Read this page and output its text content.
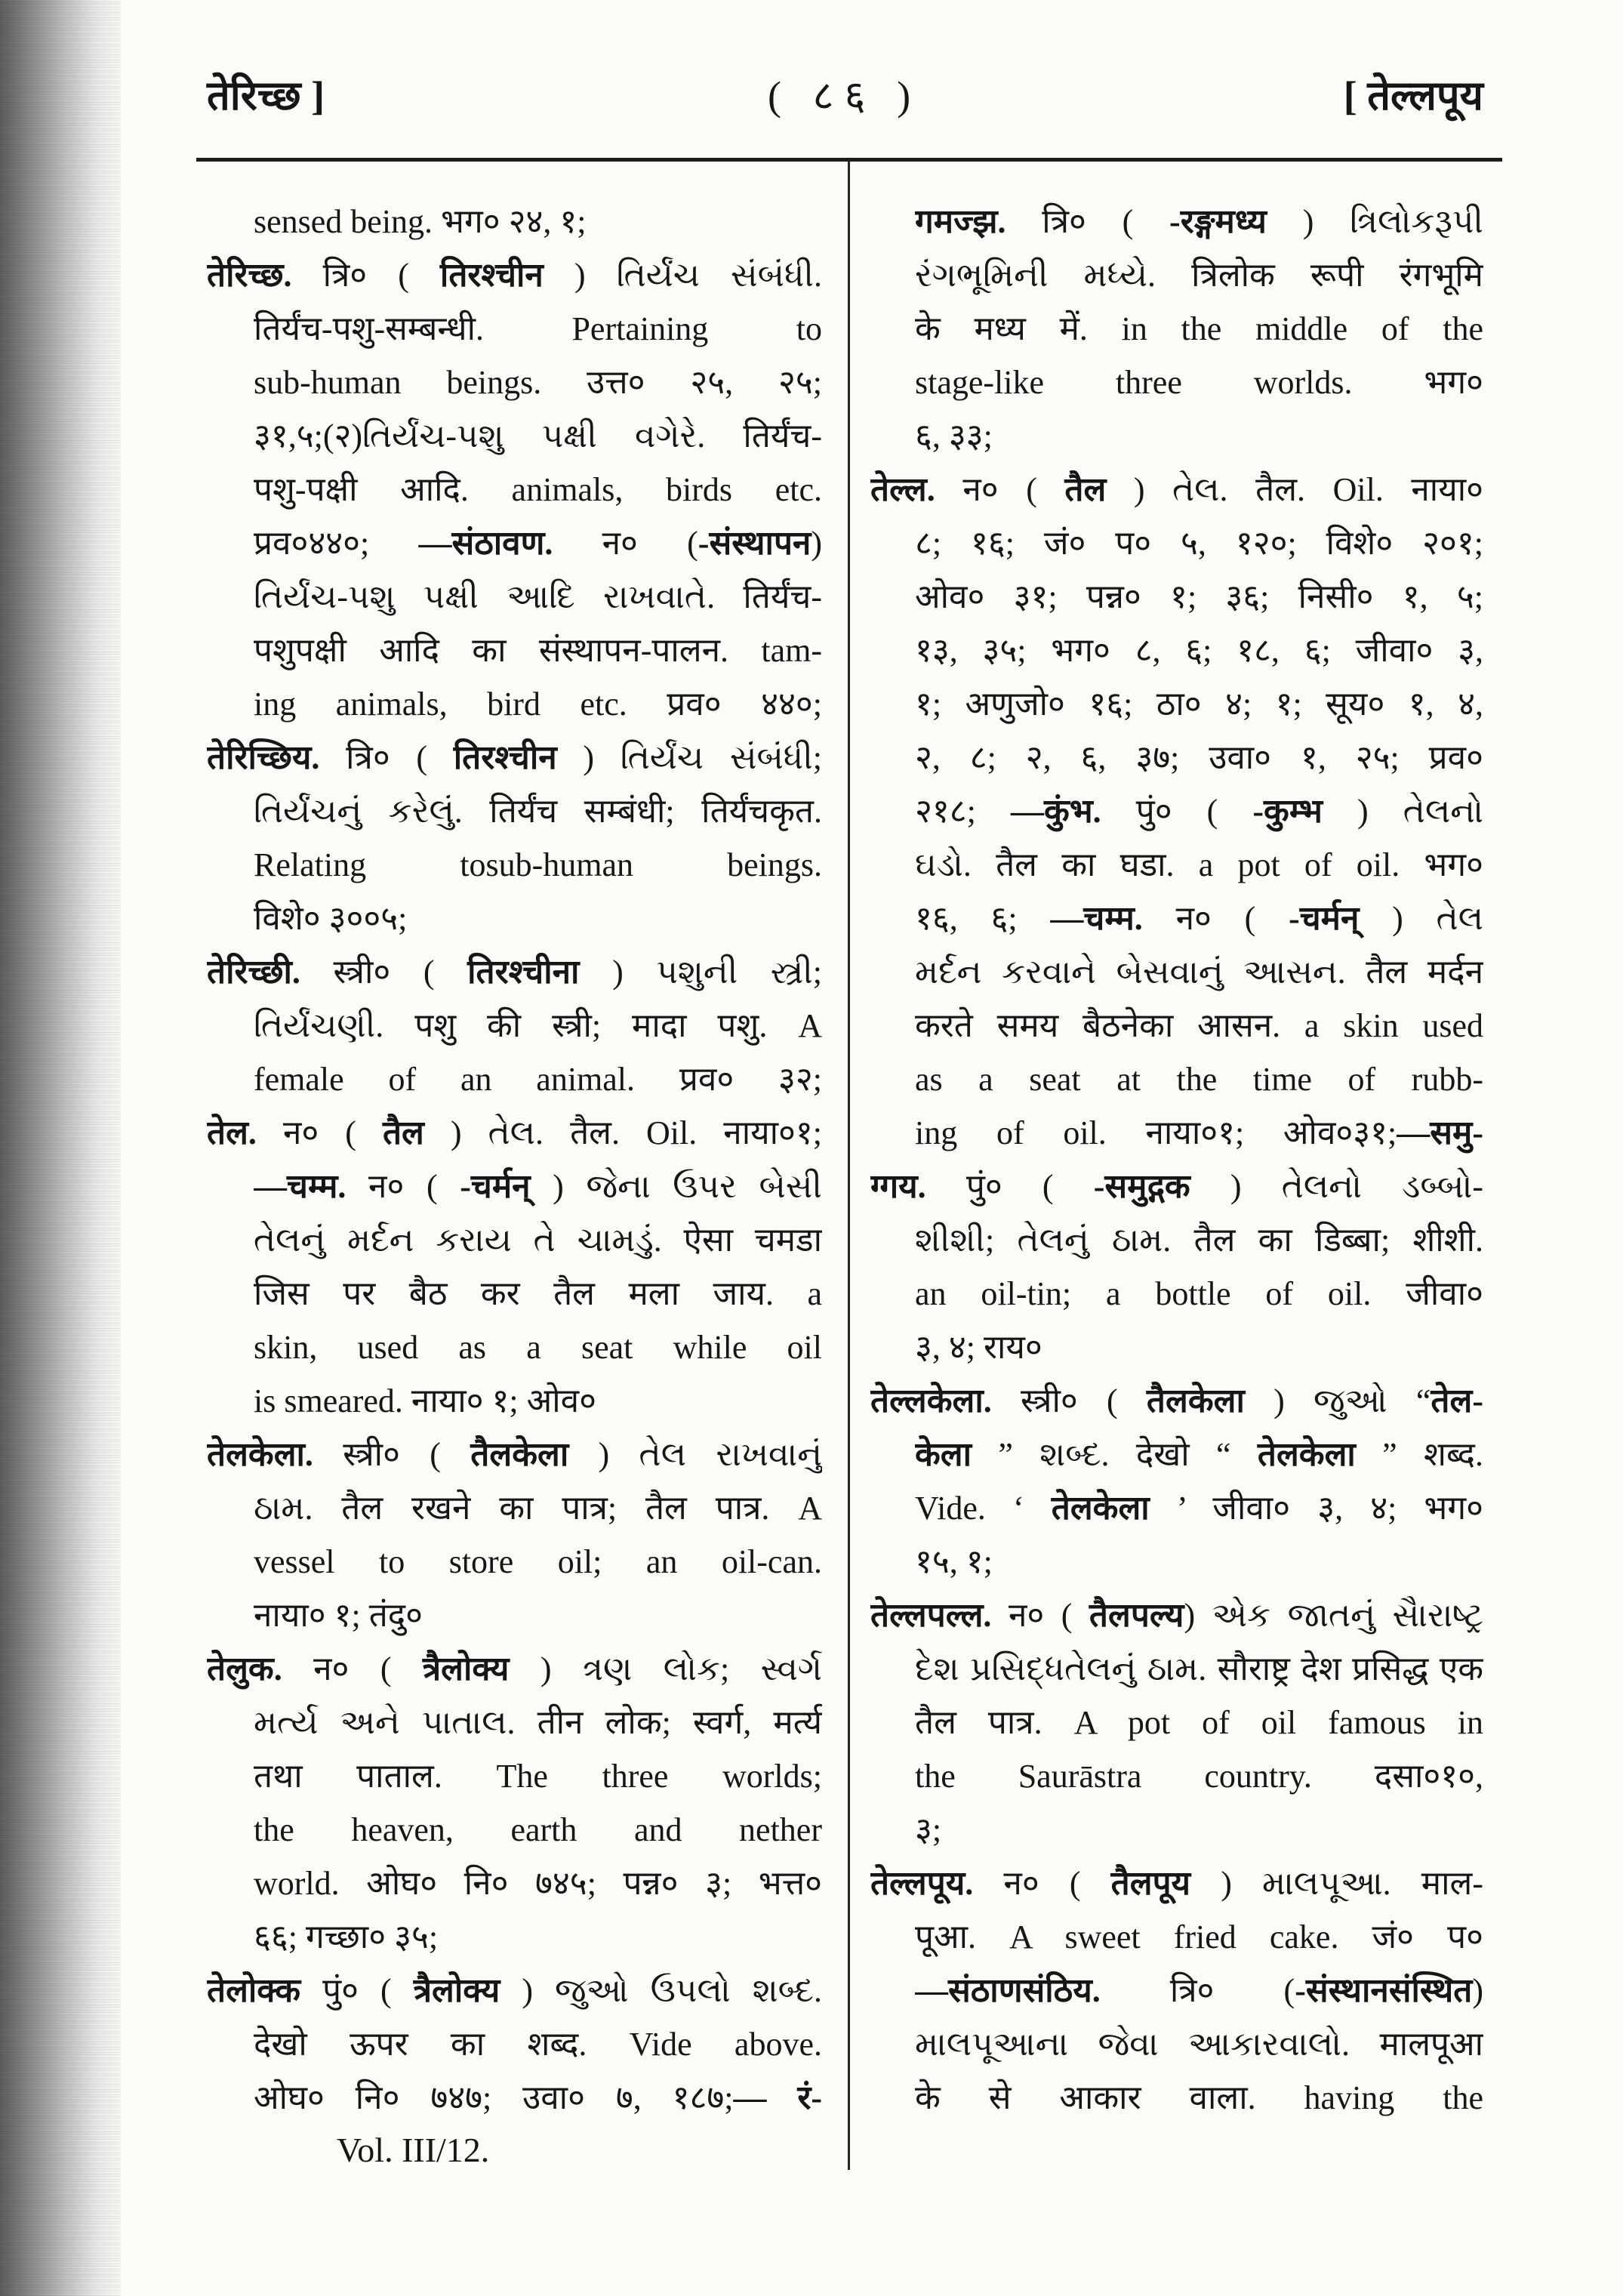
तेरिच्छ ]	( ८६ )	[ तेल्लपूय
sensed being. भग० २४, १;
तेरिच्छ. त्रि० ( तिरश्चीन ) તિર્યંચ સંબંધી.
तिर्यंच-पशु-सम्बन्धी. Pertaining to
sub-human beings. उत्त० २५, २५;
३१,५;(२)તિર્યંચ-પશુ પક્ષી વગેરે. तिर्यंच-
पशु-पक्षी आदि. animals, birds etc.
प्रव०४४०; —संठावण. न० (-संस्थापन)
તિર્યંચ-પશુ પક્ષી આદિ રાખવાતે. तिर्यंच-
पशुपक्षी आदि का संस्थापन-पालन. tam-
ing animals, bird etc. प्रव० ४४०;
तेरिच्छिय. त्रि० ( तिरश्चीन ) તિર્યંચ સંબંધી;
તિર્યંચનું કરેલું. तिर्यंच सम्बंधी; तिर्यंचकृत.
Relating tosub-human beings.
विशे० ३००५;
तेरिच्छी. स्त्री० ( तिरश्चीना ) પશુની સ્ત્રી;
તિર્યંચણી. पशु की स्त्री; मादा पशु. A
female of an animal. प्रव० ३२;
तेल. न० ( तैल ) તેલ. तैल. Oil. नाया०१;
—चम्म. न० ( -चर्मन् ) જેના ઉપર બેસી
તેલનું મર્દન કરાય તે ચામડું. ऐसा चमडा
जिस पर बैठ कर तैल मला जाय. a
skin, used as a seat while oil
is smeared. नाया० १; ओव०
तेलकेला. स्त्री० ( तैलकेला ) તેલ રાખવાનું
ઠામ. तैल रखने का पात्र; तैल पात्र. A
vessel to store oil; an oil-can.
नाया० १; तंदु०
तेलुक. न० ( त्रैलोक्य ) ત્રણ લોક; સ્વર્ગ
મર્ત્ય અને પાતાલ. तीन लोक; स्वर्ग, मर्त्य
तथा पाताल. The three worlds;
the heaven, earth and nether
world. ओघ० नि० ७४५; पन्न० ३; भत्त०
६६; गच्छा० ३५;
तेलोक्क पुं० ( त्रैलोक्य ) જુઓ ઉપલો શબ્દ.
देखो ऊपर का शब्द. Vide above.
ओघ० नि० ७४७; उवा० ७, १८७;— रं-
गमज्झ. त्रि० ( -रङ्गमध्य ) ત્રિલોકરૂપી
રંગભૂમિની મધ્યે. त्रिलोक रूपी रंगभूमि
के मध्य में. in the middle of the
stage-like three worlds. भग०
६, ३३;
तेल्ल. न० ( तैल ) તેલ. तैल. Oil. नाया०
८; १६; जं० प० ५, १२०; विशे० २०१;
ओव० ३१; पन्न० १; ३६; निसी० १, ५;
१३, ३५; भग० ८, ६; १८, ६; जीवा० ३,
१; अणुजो० १६; ठा० ४; १; सूय० १, ४,
२, ८; २, ६, ३७; उवा० १, २५; प्रव०
२१८; —कुंभ. पुं० ( -कुम्भ ) તેલનો
ઘડો. तैल का घडा. a pot of oil. भग०
१६, ६; —चम्म. न० ( -चर्मन् ) તેલ
મર્દન કરવાને બેસવાનું આસન. तैल मर्दन
करते समय बैठनेका आसन. a skin used
as a seat at the time of rubb-
ing of oil. नाया०१; ओव०३१;—समु-
ग्गय. पुं० ( -समुद्गक ) તેલનો ડબ્બો-
શીશી; તેલનું ઠામ. तैल का डिब्बा; शीशी.
an oil-tin; a bottle of oil. जीवा०
३, ४; राय०
तेल्लकेला. स्त्री० ( तैलकेला ) જુઓ “तेल-
केला ” શબ્દ. देखो “ तेलकेला ” शब्द.
Vide. ‘ तेलकेला ’ जीवा० ३, ४; भग०
१५, १;
तेल्लपल्ल. न० ( तैलपल्य) એક જાતનું સૈારાષ્ટ્ર
દેશ પ્રસિદ્ધતેલનું ઠામ. सौराष्ट्र देश प्रसिद्ध एक
तैल पात्र. A pot of oil famous in
the Saurāstra country. दसा०१०,
३;
तेल्लपूय. न० ( तैलपूय ) માલપૂઆ. माल-
पूआ. A sweet fried cake. जं० प०
—संठाणसंठिय. त्रि० (-संस्थानसंस्थित)
માલપૂઆના જેવા આકારવાલો. मालपूआ
के से आकार वाला. having the
Vol. III/12.
